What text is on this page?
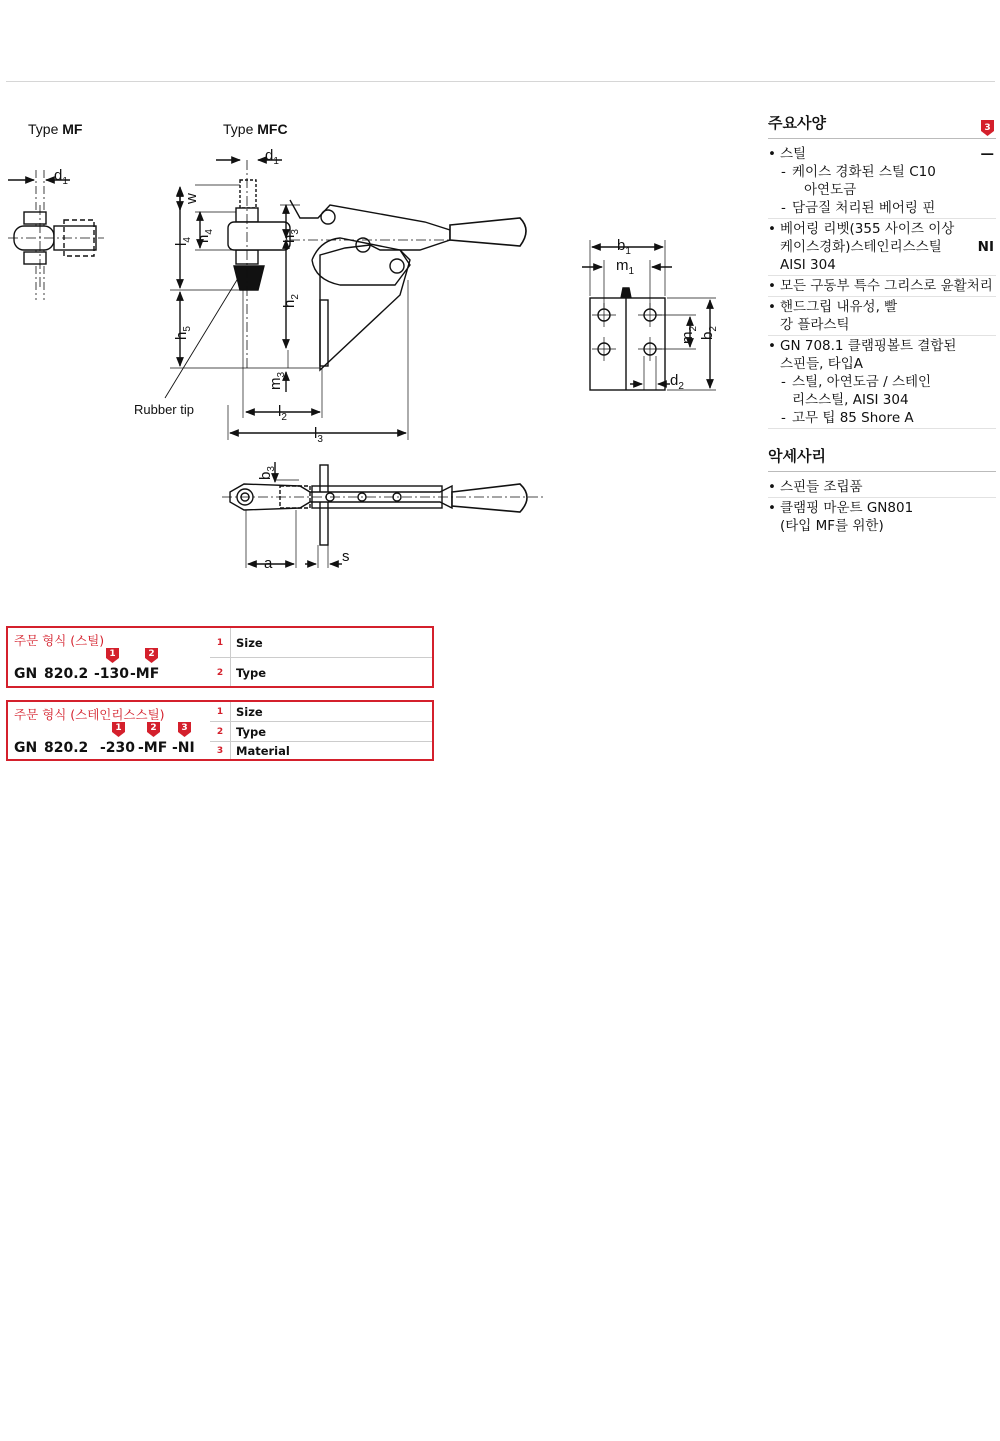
Type MF	Type MFC
$d_1$
$d_1$
w
$l_4$ $h_4$
$h_3$
$h_2$
$h_5$
$m_3$
$l_2$
$l_3$
Rubber tip
$b_1$
$m_1$
$m_2$
$b_2$
$d_2$
$b_3$
a	s
주요사양	3
• 스틸	—
- 케이스 경화된 스틸 C10
아연도금
- 담금질 처리된 베어링 핀
• NI
베어링 리벳(355 사이즈 이상 케이스경화)스테인리스스틸 AISI 304
• 모든 구동부 특수 그리스로 윤활처리
• 핸드그립 내유성, 빨강 플라스틱
• GN 708.1 클램핑볼트 결합된 스핀들, 타입A
- 스틸, 아연도금 / 스테인리스스틸, AISI 304
- 고무 팁 85 Shore A
악세사리
• 스핀들 조립품
• 클램핑 마운트 GN801 (타입 MF를 위한)
주문 형식 (스틸)
1	2
GN 820.2 -130 -MF
1	Size
2	Type
주문 형식 (스테인리스스틸)
1	2	3
GN 820.2 -230 -MF -NI
1	Size
2	Type
3	Material
